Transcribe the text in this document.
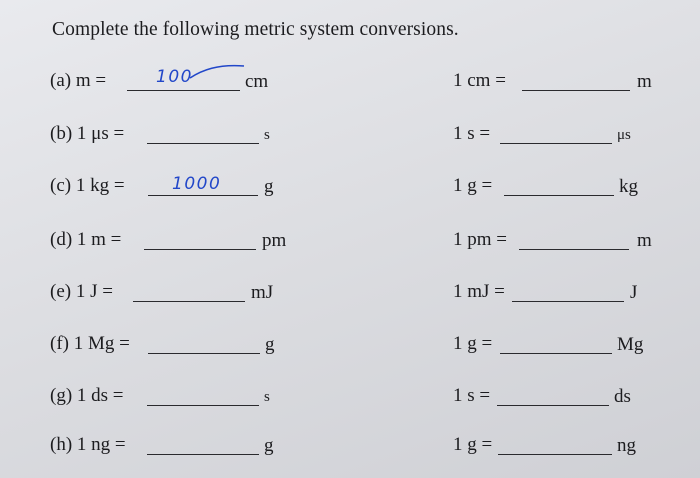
Complete the following metric system conversions.
(a) m =	100	cm	1 cm =	m
(b) 1 μs =	s	1 s =	μs
(c) 1 kg =	1000 g	1 g =	kg
(d) 1 m =	pm	1 pm =	m
(e) 1 J =	mJ	1 mJ =	J
(f) 1 Mg =	g	1 g =	Mg
(g) 1 ds =	s	1 s =	ds
(h) 1 ng =	g	1 g =	ng
